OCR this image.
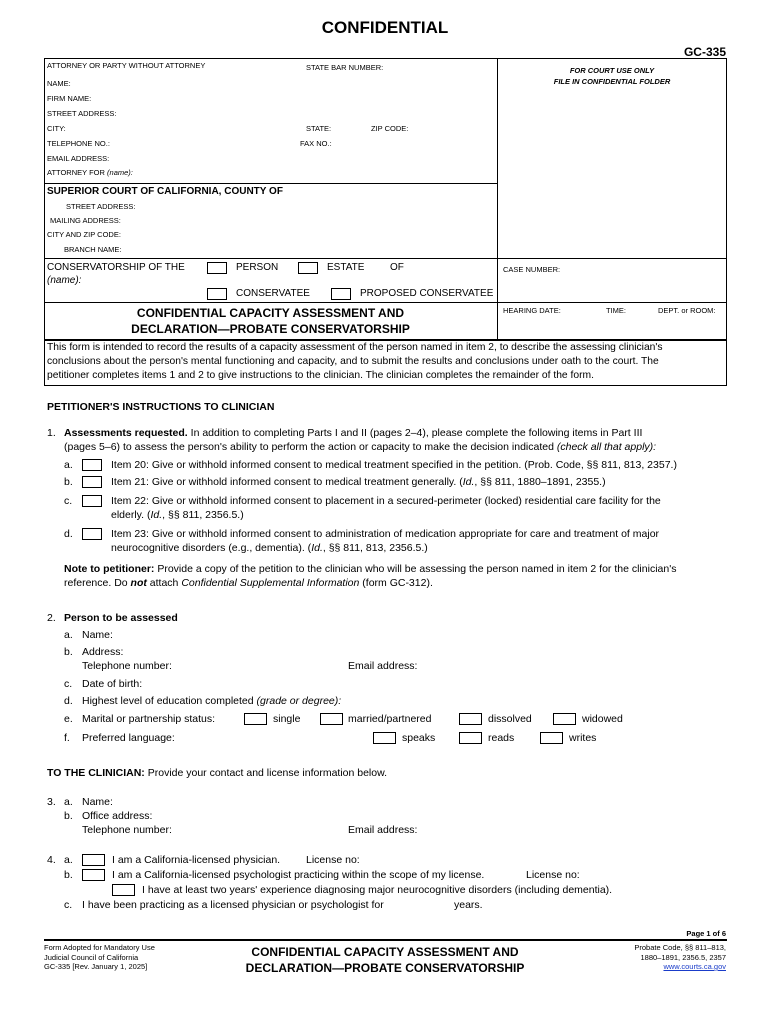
CONFIDENTIAL
GC-335
ATTORNEY OR PARTY WITHOUT ATTORNEY	STATE BAR NUMBER:
NAME:
FIRM NAME:
STREET ADDRESS:
CITY:	STATE:	ZIP CODE:
TELEPHONE NO.:	FAX NO.:
EMAIL ADDRESS:
ATTORNEY FOR (name):
FOR COURT USE ONLY
FILE IN CONFIDENTIAL FOLDER
SUPERIOR COURT OF CALIFORNIA, COUNTY OF
STREET ADDRESS:
MAILING ADDRESS:
CITY AND ZIP CODE:
BRANCH NAME:
CONSERVATORSHIP OF THE
(name):
PERSON	ESTATE	OF
CONSERVATEE	PROPOSED CONSERVATEE
CASE NUMBER:
HEARING DATE:	TIME:	DEPT. or ROOM:
CONFIDENTIAL CAPACITY ASSESSMENT AND
DECLARATION—PROBATE CONSERVATORSHIP
This form is intended to record the results of a capacity assessment of the person named in item 2, to describe the assessing clinician's
conclusions about the person's mental functioning and capacity, and to submit the results and conclusions under oath to the court. The
petitioner completes items 1 and 2 to give instructions to the clinician. The clinician completes the remainder of the form.
PETITIONER'S INSTRUCTIONS TO CLINICIAN
1. Assessments requested. In addition to completing Parts I and II (pages 2–4), please complete the following items in Part III
(pages 5–6) to assess the person's ability to perform the action or capacity to make the decision indicated (check all that apply):
a.	Item 20: Give or withhold informed consent to medical treatment specified in the petition. (Prob. Code, §§ 811, 813, 2357.)
b.	Item 21: Give or withhold informed consent to medical treatment generally. (Id., §§ 811, 1880–1891, 2355.)
c.	Item 22: Give or withhold informed consent to placement in a secured-perimeter (locked) residential care facility for the
elderly. (Id., §§ 811, 2356.5.)
d.	Item 23: Give or withhold informed consent to administration of medication appropriate for care and treatment of major
neurocognitive disorders (e.g., dementia). (Id., §§ 811, 813, 2356.5.)
Note to petitioner: Provide a copy of the petition to the clinician who will be assessing the person named in item 2 for the clinician's
reference. Do not attach Confidential Supplemental Information (form GC-312).
2. Person to be assessed
a. Name:
b. Address:
Telephone number:	Email address:
c. Date of birth:
d. Highest level of education completed (grade or degree):
e. Marital or partnership status:	single	married/partnered	dissolved	widowed
f. Preferred language:	speaks	reads	writes
TO THE CLINICIAN: Provide your contact and license information below.
3. a. Name:
b. Office address:
Telephone number:	Email address:
4. a.	I am a California-licensed physician. License no:
b.	I am a California-licensed psychologist practicing within the scope of my license.	License no:
I have at least two years' experience diagnosing major neurocognitive disorders (including dementia).
c. I have been practicing as a licensed physician or psychologist for	years.
Page 1 of 6
Form Adopted for Mandatory Use
Judicial Council of California
GC-335 [Rev. January 1, 2025]
CONFIDENTIAL CAPACITY ASSESSMENT AND
DECLARATION—PROBATE CONSERVATORSHIP
Probate Code, §§ 811–813,
1880–1891, 2356.5, 2357
www.courts.ca.gov
